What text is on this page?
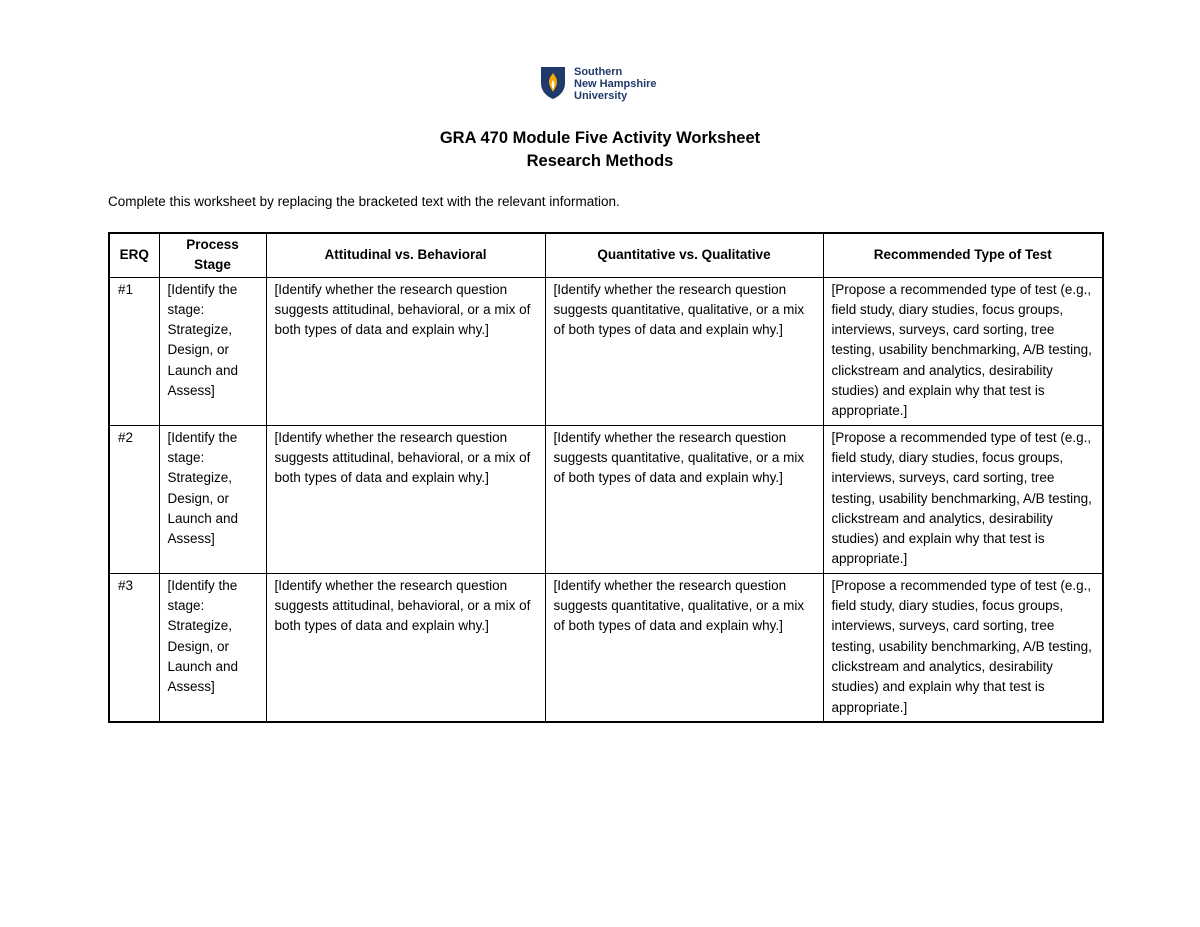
Southern
New Hampshire
University
GRA 470 Module Five Activity Worksheet
Research Methods
Complete this worksheet by replacing the bracketed text with the relevant information.
ERQ	Process Stage	Attitudinal vs. Behavioral	Quantitative vs. Qualitative	Recommended Type of Test
#1	[Identify the stage: Strategize, Design, or Launch and Assess]	[Identify whether the research question suggests attitudinal, behavioral, or a mix of both types of data and explain why.]	[Identify whether the research question suggests quantitative, qualitative, or a mix of both types of data and explain why.]	[Propose a recommended type of test (e.g., field study, diary studies, focus groups, interviews, surveys, card sorting, tree testing, usability benchmarking, A/B testing, clickstream and analytics, desirability studies) and explain why that test is appropriate.]
#2	[Identify the stage: Strategize, Design, or Launch and Assess]	[Identify whether the research question suggests attitudinal, behavioral, or a mix of both types of data and explain why.]	[Identify whether the research question suggests quantitative, qualitative, or a mix of both types of data and explain why.]	[Propose a recommended type of test (e.g., field study, diary studies, focus groups, interviews, surveys, card sorting, tree testing, usability benchmarking, A/B testing, clickstream and analytics, desirability studies) and explain why that test is appropriate.]
#3	[Identify the stage: Strategize, Design, or Launch and Assess]	[Identify whether the research question suggests attitudinal, behavioral, or a mix of both types of data and explain why.]	[Identify whether the research question suggests quantitative, qualitative, or a mix of both types of data and explain why.]	[Propose a recommended type of test (e.g., field study, diary studies, focus groups, interviews, surveys, card sorting, tree testing, usability benchmarking, A/B testing, clickstream and analytics, desirability studies) and explain why that test is appropriate.]
